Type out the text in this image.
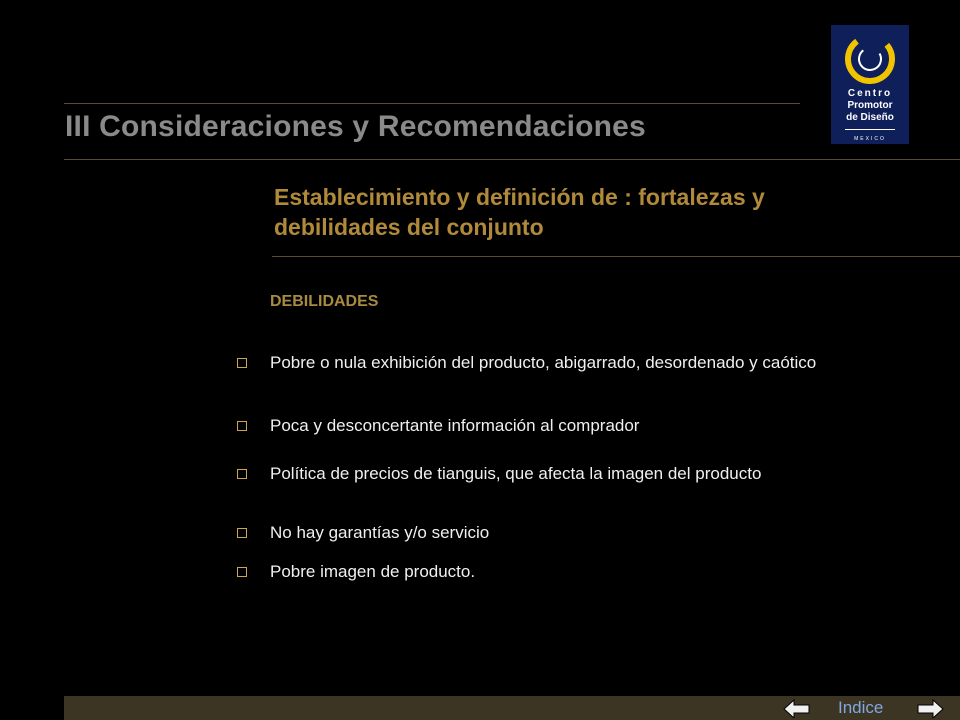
III Consideraciones y Recomendaciones
Establecimiento y definición de : fortalezas y debilidades del conjunto
DEBILIDADES
Pobre o nula exhibición del producto, abigarrado, desordenado y caótico
Poca y desconcertante información al comprador
Política de precios de tianguis, que afecta la imagen del producto
No hay garantías y/o servicio
Pobre imagen de producto.
Centro
Promotor
de Diseño
MEXICO
Indice
